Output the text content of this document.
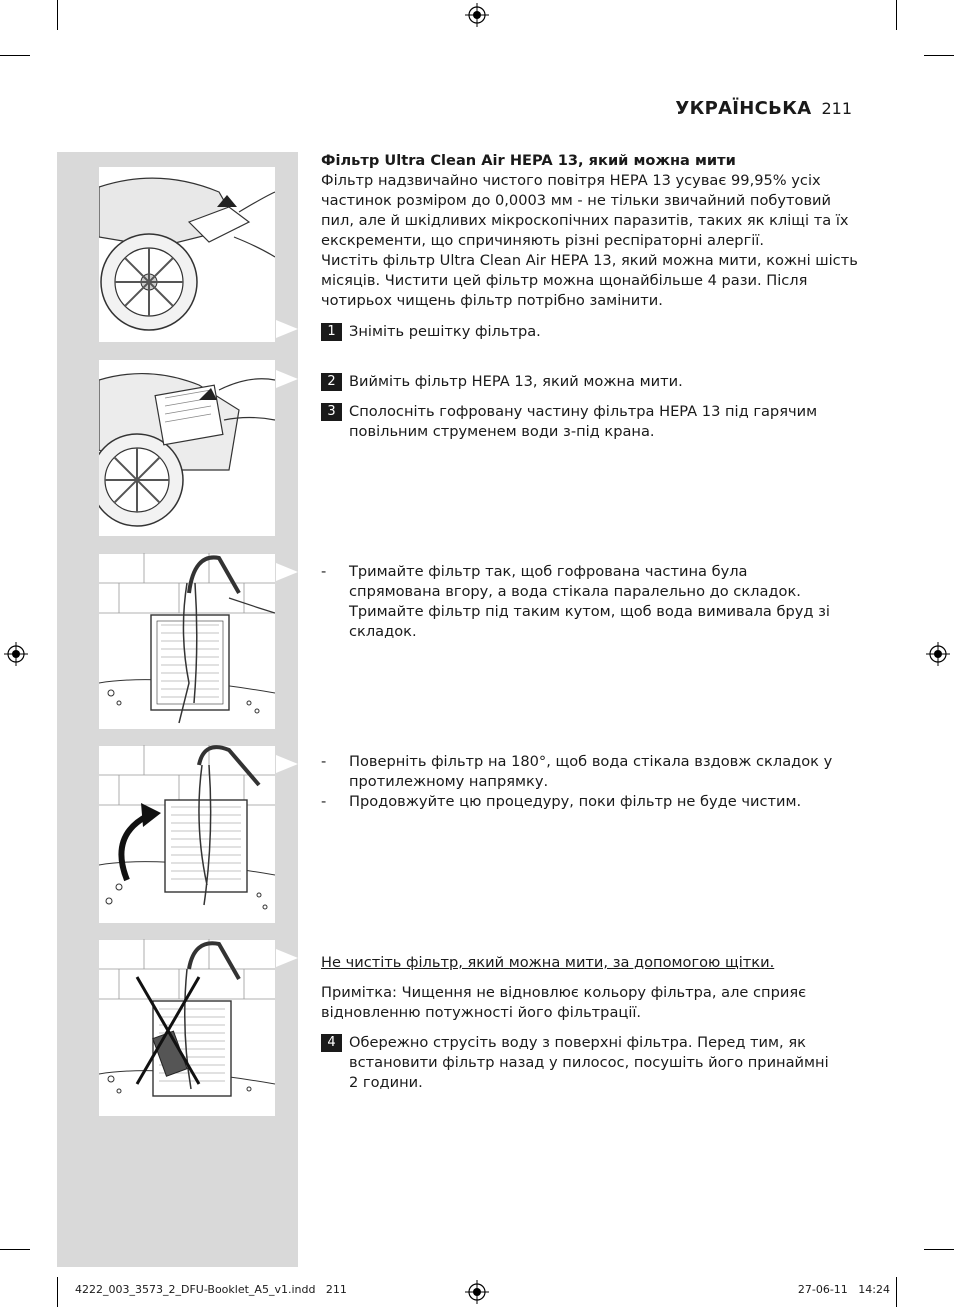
УКРАЇНСЬКА 211
Фільтр Ultra Clean Air HEPA 13, який можна мити
Фільтр надзвичайно чистого повітря HEPA 13 усуває 99,95% усіх частинок розміром до 0,0003 мм - не тільки звичайний побутовий пил, але й шкідливих мікроскопічних паразитів, таких як кліщі та їх екскременти, що спричиняють різні респіраторні алергії.
Чистіть фільтр Ultra Clean Air HEPA 13, який можна мити, кожні шість місяців. Чистити цей фільтр можна щонайбільше 4 рази. Після чотирьох чищень фільтр потрібно замінити.
1 Зніміть решітку фільтра.
2 Вийміть фільтр HEPA 13, який можна мити.
3 Сполосніть гофровану частину фільтра HEPA 13 під гарячим повільним струменем води з-під крана.
- Тримайте фільтр так, щоб гофрована частина була спрямована вгору, а вода стікала паралельно до складок. Тримайте фільтр під таким кутом, щоб вода вимивала бруд зі складок.
- Поверніть фільтр на 180°, щоб вода стікала вздовж складок у протилежному напрямку.
- Продовжуйте цю процедуру, поки фільтр не буде чистим.
Не чистіть фільтр, який можна мити, за допомогою щітки.
Примітка: Чищення не відновлює кольору фільтра, але сприяє відновленню потужності його фільтрації.
4 Обережно струсіть воду з поверхні фільтра. Перед тим, як встановити фільтр назад у пилосос, посушіть його принаймні 2 години.
4222_003_3573_2_DFU-Booklet_A5_v1.indd   211	27-06-11   14:24
